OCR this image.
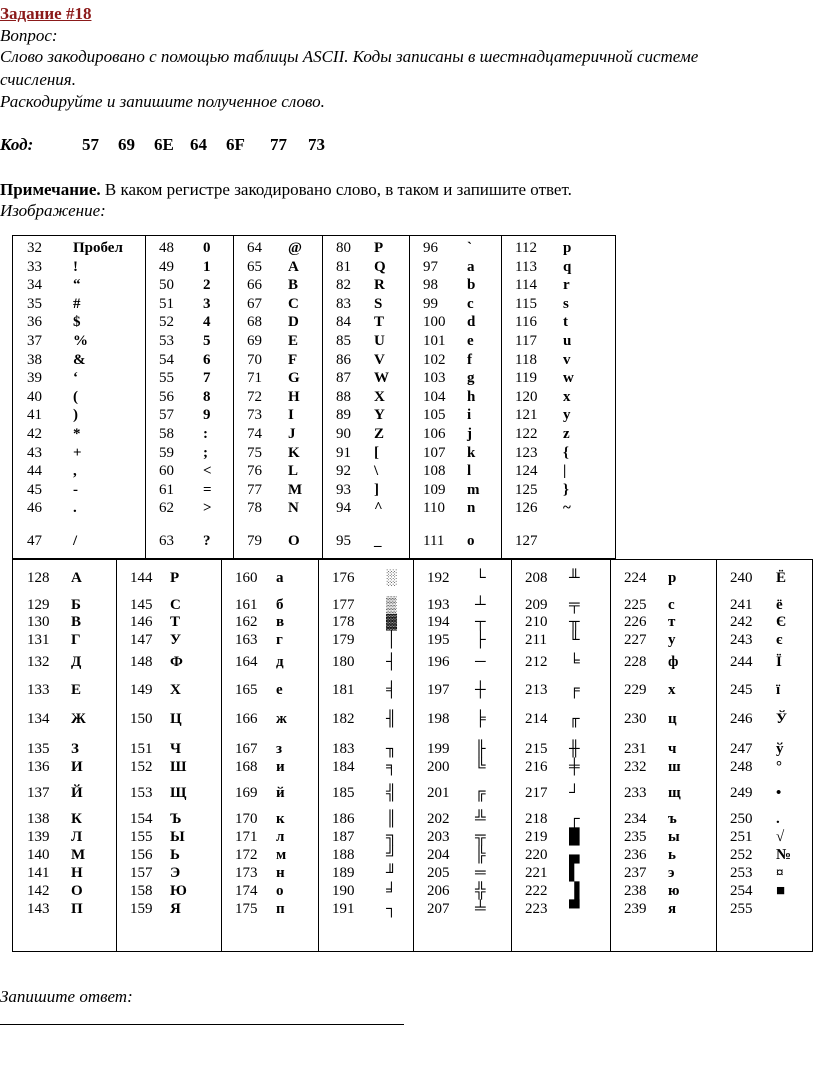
Задание #18
Вопрос:
Слово закодировано с помощью таблицы ASCII. Коды записаны в шестнадцатеричной системе
счисления.
Раскодируйте и запишите полученное слово.
Код:	57 69 6E 64 6F 77 73
Примечание. В каком регистре закодировано слово, в таком и запишите ответ.
Изображение:
32 Пробел
33 !
34 “
35 #
36 $
37 %
38 &
39 ‘
40 (
41 )
42 *
43 +
44 ,
45 -
46 .
47 /
48 0
49 1
50 2
51 3
52 4
53 5
54 6
55 7
56 8
57 9
58 :
59 ;
60 <
61 =
62 >
63 ?
64 @
65 A
66 B
67 C
68 D
69 E
70 F
71 G
72 H
73 I
74 J
75 K
76 L
77 M
78 N
79 O
80 P
81 Q
82 R
83 S
84 T
85 U
86 V
87 W
88 X
89 Y
90 Z
91 [
92 \
93 ]
94 ^
95 _
96 `
97 a
98 b
99 c
100 d
101 e
102 f
103 g
104 h
105 i
106 j
107 k
108 l
109 m
110 n
111 o
112 p
113 q
114 r
115 s
116 t
117 u
118 v
119 w
120 x
121 y
122 z
123 {
124 |
125 }
126 ~
127
128 А
129 Б
130 В
131 Г
132 Д
133 Е
134 Ж
135 З
136 И
137 Й
138 К
139 Л
140 М
141 Н
142 О
143 П
144 Р
145 С
146 Т
147 У
148 Ф
149 Х
150 Ц
151 Ч
152 Ш
153 Щ
154 Ъ
155 Ы
156 Ь
157 Э
158 Ю
159 Я
160 а
161 б
162 в
163 г
164 д
165 е
166 ж
167 з
168 и
169 й
170 к
171 л
172 м
173 н
174 о
175 п
176 ░
177 ▒
178 ▓
179 │
180 ┤
181 ╡
182 ╢
183 ╖
184 ╕
185 ╣
186 ║
187 ╗
188 ╝
189 ╜
190 ╛
191 ┐
192 └
193 ┴
194 ┬
195 ├
196 ─
197 ┼
198 ╞
199 ╟
200 ╚
201 ╔
202 ╩
203 ╦
204 ╠
205 ═
206 ╬
207 ╧
208 ╨
209 ╤
210 ╥
211 ╙
212 ╘
213 ╒
214 ╓
215 ╫
216 ╪
217 ┘
218 ┌
219 █
220 ▄
221 ▌
222 ▐
223 ▀
224 р
225 с
226 т
227 у
228 ф
229 х
230 ц
231 ч
232 ш
233 щ
234 ъ
235 ы
236 ь
237 э
238 ю
239 я
240 Ё
241 ё
242 Є
243 є
244 Ї
245 ї
246 Ў
247 ў
248 °
249 •
250 .
251 √
252 №
253 ¤
254 ■
255
Запишите ответ:
